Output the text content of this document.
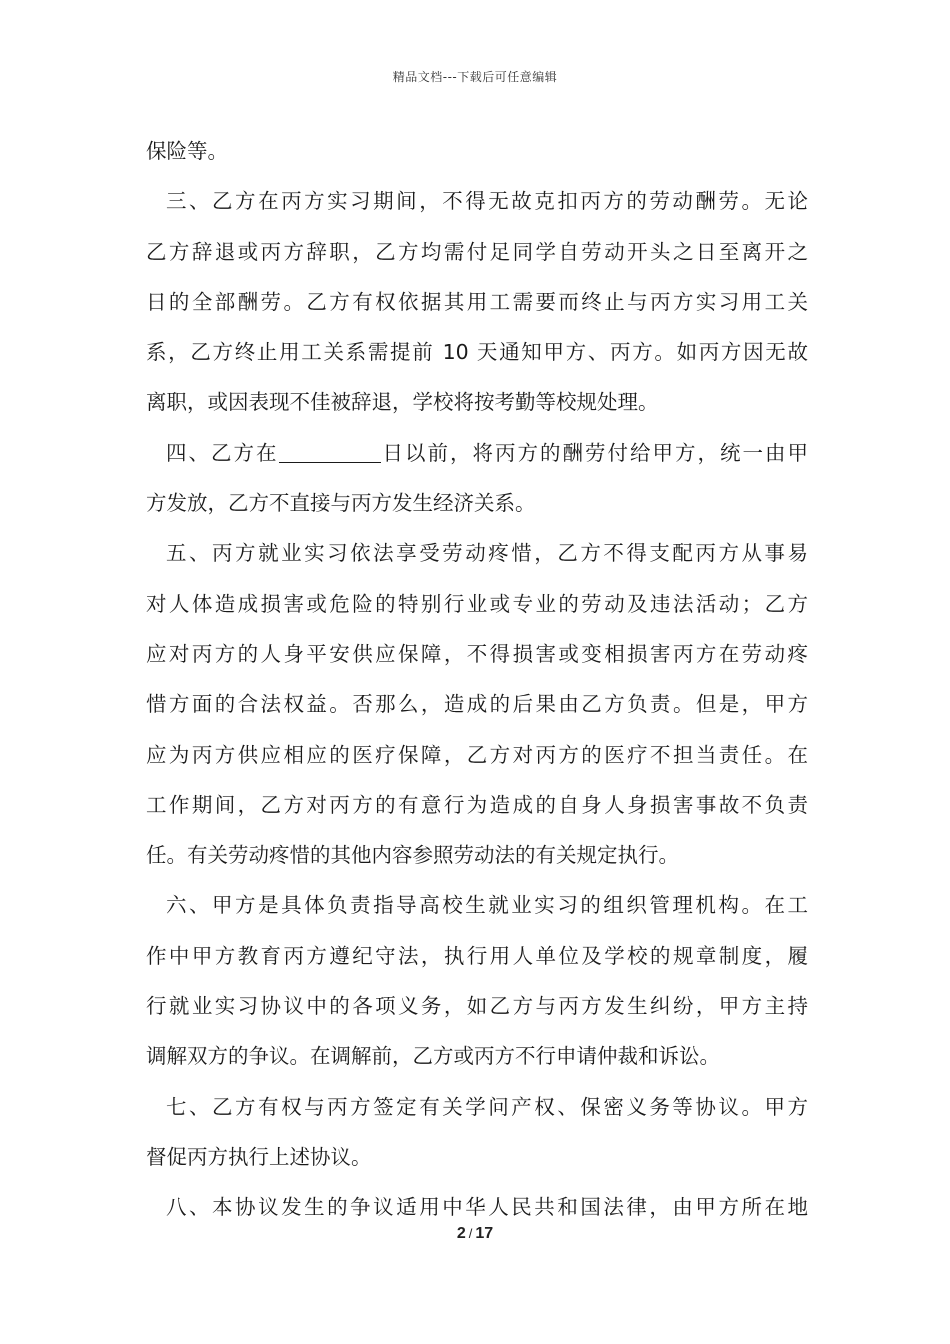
精品文档---下载后可任意编辑
保险等。
三、乙方在丙方实习期间，不得无故克扣丙方的劳动酬劳。无论
乙方辞退或丙方辞职，乙方均需付足同学自劳动开头之日至离开之
日的全部酬劳。乙方有权依据其用工需要而终止与丙方实习用工关
系，乙方终止用工关系需提前 10 天通知甲方、丙方。如丙方因无故
离职，或因表现不佳被辞退，学校将按考勤等校规处理。
四、乙方在	日以前，将丙方的酬劳付给甲方，统一由甲
方发放，乙方不直接与丙方发生经济关系。
五、丙方就业实习依法享受劳动疼惜，乙方不得支配丙方从事易
对人体造成损害或危险的特别行业或专业的劳动及违法活动；乙方
应对丙方的人身平安供应保障，不得损害或变相损害丙方在劳动疼
惜方面的合法权益。否那么，造成的后果由乙方负责。但是，甲方
应为丙方供应相应的医疗保障，乙方对丙方的医疗不担当责任。在
工作期间，乙方对丙方的有意行为造成的自身人身损害事故不负责
任。有关劳动疼惜的其他内容参照劳动法的有关规定执行。
六、甲方是具体负责指导高校生就业实习的组织管理机构。在工
作中甲方教育丙方遵纪守法，执行用人单位及学校的规章制度，履
行就业实习协议中的各项义务，如乙方与丙方发生纠纷，甲方主持
调解双方的争议。在调解前，乙方或丙方不行申请仲裁和诉讼。
七、乙方有权与丙方签定有关学问产权、保密义务等协议。甲方
督促丙方执行上述协议。
八、本协议发生的争议适用中华人民共和国法律，由甲方所在地
2 / 17
